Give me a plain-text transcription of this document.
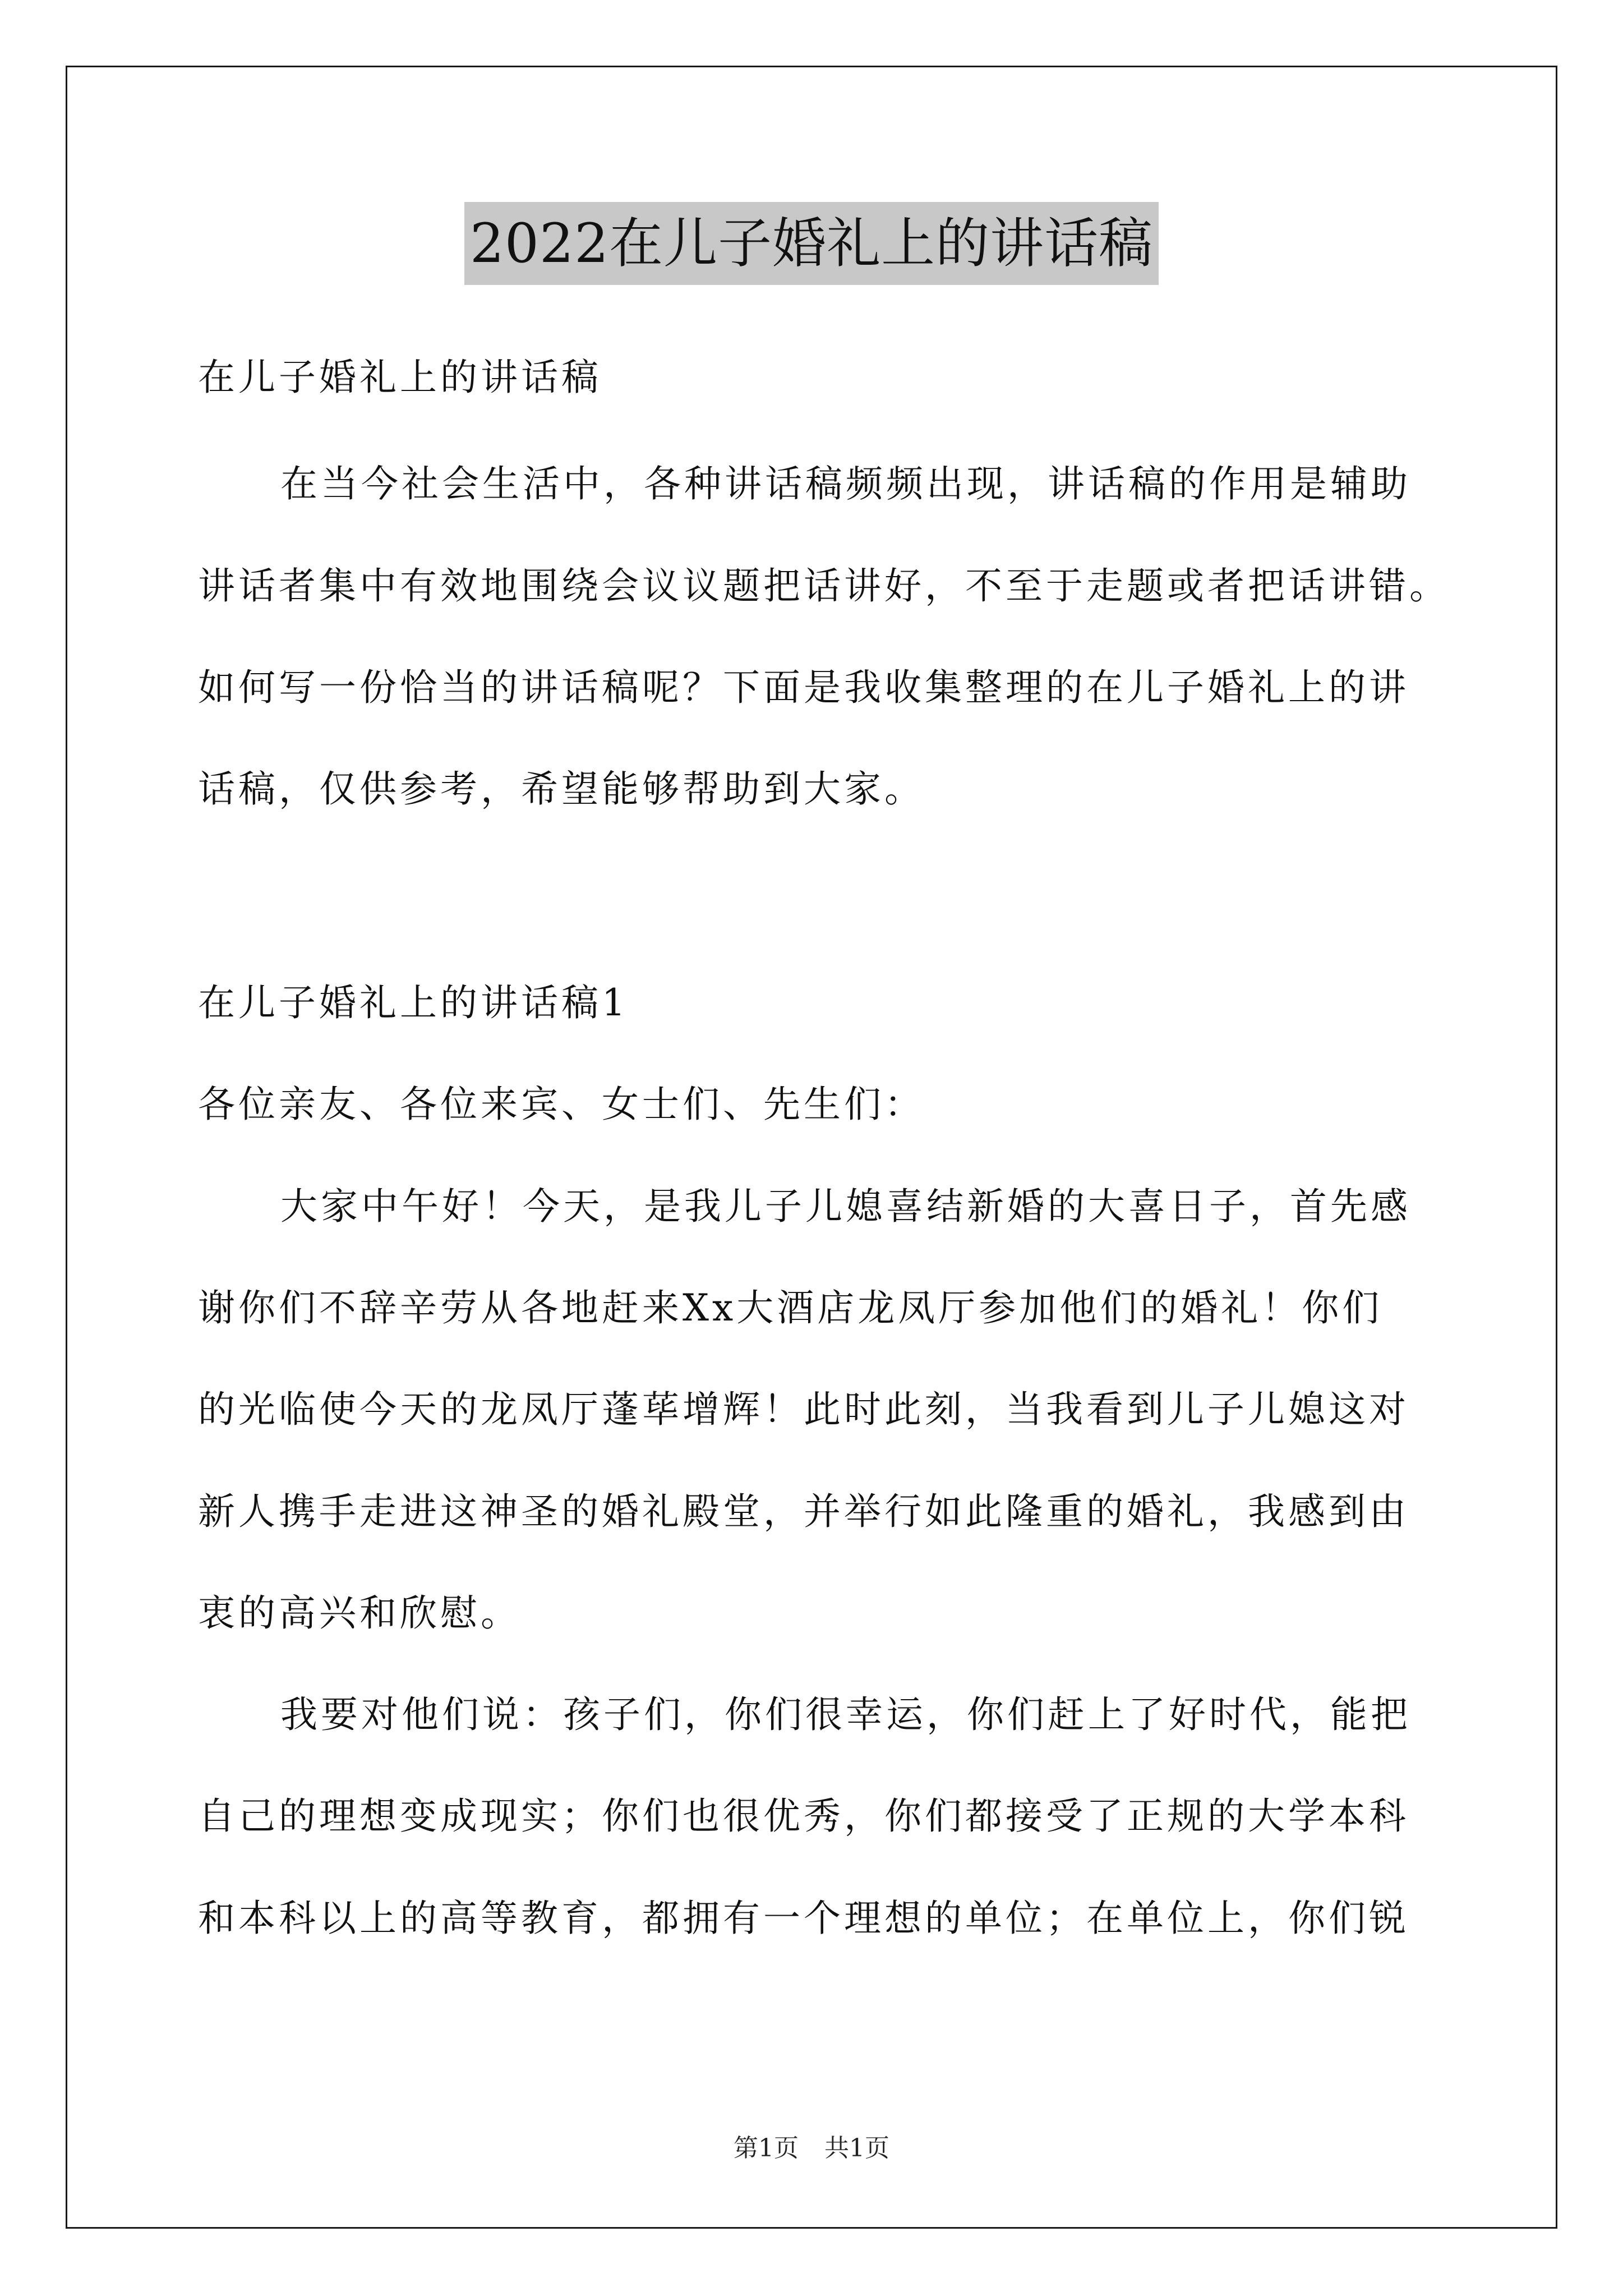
2022在儿子婚礼上的讲话稿
在儿子婚礼上的讲话稿
在当今社会生活中，各种讲话稿频频出现，讲话稿的作用是辅助
讲话者集中有效地围绕会议议题把话讲好，不至于走题或者把话讲错。
如何写一份恰当的讲话稿呢？下面是我收集整理的在儿子婚礼上的讲
话稿，仅供参考，希望能够帮助到大家。
在儿子婚礼上的讲话稿1
各位亲友、各位来宾、女士们、先生们：
大家中午好！今天，是我儿子儿媳喜结新婚的大喜日子，首先感
谢你们不辞辛劳从各地赶来Xx大酒店龙凤厅参加他们的婚礼！你们
的光临使今天的龙凤厅蓬荜增辉！此时此刻，当我看到儿子儿媳这对
新人携手走进这神圣的婚礼殿堂，并举行如此隆重的婚礼，我感到由
衷的高兴和欣慰。
我要对他们说：孩子们，你们很幸运，你们赶上了好时代，能把
自己的理想变成现实；你们也很优秀，你们都接受了正规的大学本科
和本科以上的高等教育，都拥有一个理想的单位；在单位上，你们锐
第1页 共1页
